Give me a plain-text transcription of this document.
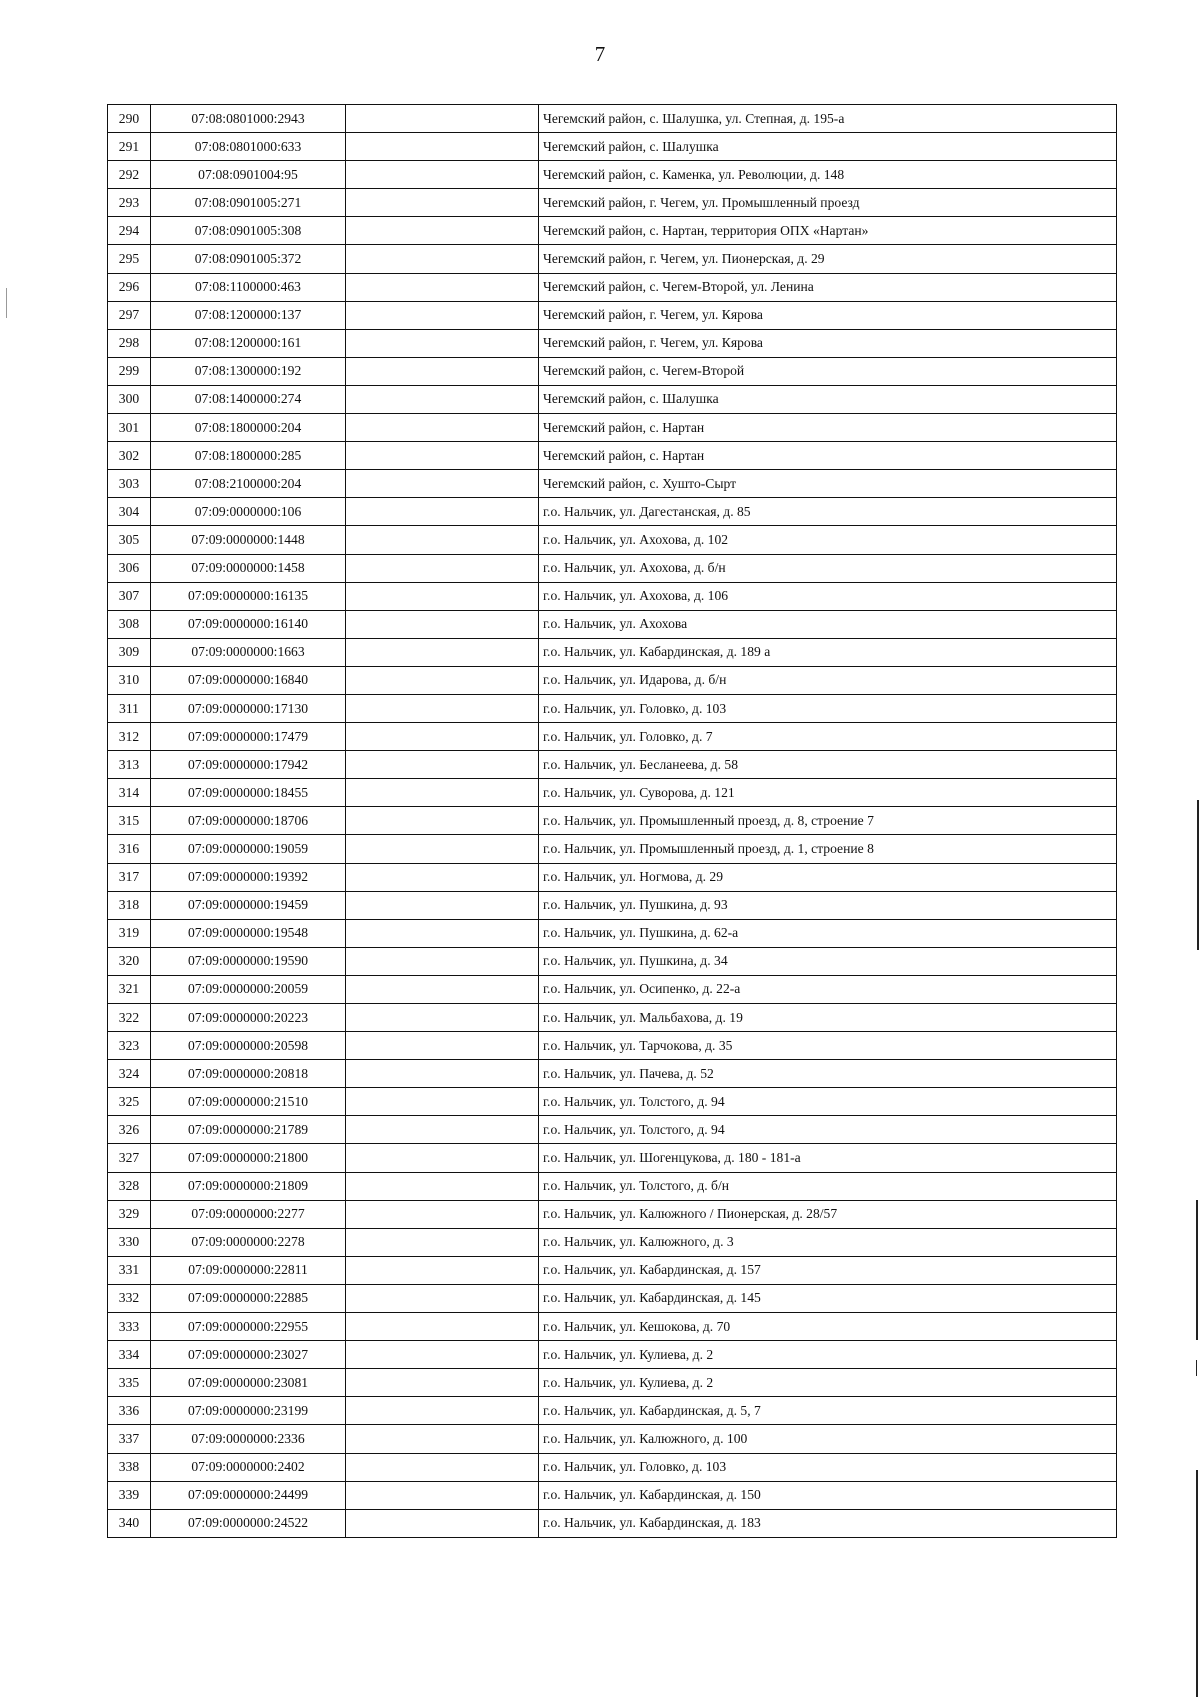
7
290	07:08:0801000:2943		Чегемский район, с. Шалушка, ул. Степная, д. 195-а
291	07:08:0801000:633		Чегемский район, с. Шалушка
292	07:08:0901004:95		Чегемский район, с. Каменка, ул. Революции, д. 148
293	07:08:0901005:271		Чегемский район, г. Чегем, ул. Промышленный проезд
294	07:08:0901005:308		Чегемский район, с. Нартан, территория ОПХ «Нартан»
295	07:08:0901005:372		Чегемский район, г. Чегем, ул. Пионерская, д. 29
296	07:08:1100000:463		Чегемский район, с. Чегем-Второй, ул. Ленина
297	07:08:1200000:137		Чегемский район, г. Чегем, ул. Кярова
298	07:08:1200000:161		Чегемский район, г. Чегем, ул. Кярова
299	07:08:1300000:192		Чегемский район, с. Чегем-Второй
300	07:08:1400000:274		Чегемский район, с. Шалушка
301	07:08:1800000:204		Чегемский район, с. Нартан
302	07:08:1800000:285		Чегемский район, с. Нартан
303	07:08:2100000:204		Чегемский район, с. Хушто-Сырт
304	07:09:0000000:106		г.о. Нальчик, ул. Дагестанская, д. 85
305	07:09:0000000:1448		г.о. Нальчик, ул. Ахохова, д. 102
306	07:09:0000000:1458		г.о. Нальчик, ул. Ахохова, д. б/н
307	07:09:0000000:16135		г.о. Нальчик, ул. Ахохова, д. 106
308	07:09:0000000:16140		г.о. Нальчик, ул. Ахохова
309	07:09:0000000:1663		г.о. Нальчик, ул. Кабардинская, д. 189 а
310	07:09:0000000:16840		г.о. Нальчик, ул. Идарова, д. б/н
311	07:09:0000000:17130		г.о. Нальчик, ул. Головко, д. 103
312	07:09:0000000:17479		г.о. Нальчик, ул. Головко, д. 7
313	07:09:0000000:17942		г.о. Нальчик, ул. Бесланеева, д. 58
314	07:09:0000000:18455		г.о. Нальчик, ул. Суворова, д. 121
315	07:09:0000000:18706		г.о. Нальчик, ул. Промышленный проезд, д. 8, строение 7
316	07:09:0000000:19059		г.о. Нальчик, ул. Промышленный проезд, д. 1, строение 8
317	07:09:0000000:19392		г.о. Нальчик, ул. Ногмова, д. 29
318	07:09:0000000:19459		г.о. Нальчик, ул. Пушкина, д. 93
319	07:09:0000000:19548		г.о. Нальчик, ул. Пушкина, д. 62-а
320	07:09:0000000:19590		г.о. Нальчик, ул. Пушкина, д. 34
321	07:09:0000000:20059		г.о. Нальчик, ул. Осипенко, д. 22-а
322	07:09:0000000:20223		г.о. Нальчик, ул. Мальбахова, д. 19
323	07:09:0000000:20598		г.о. Нальчик, ул. Тарчокова, д. 35
324	07:09:0000000:20818		г.о. Нальчик, ул. Пачева, д. 52
325	07:09:0000000:21510		г.о. Нальчик, ул. Толстого, д. 94
326	07:09:0000000:21789		г.о. Нальчик, ул. Толстого, д. 94
327	07:09:0000000:21800		г.о. Нальчик, ул. Шогенцукова, д. 180 - 181-а
328	07:09:0000000:21809		г.о. Нальчик, ул. Толстого, д. б/н
329	07:09:0000000:2277		г.о. Нальчик, ул. Калюжного / Пионерская, д. 28/57
330	07:09:0000000:2278		г.о. Нальчик, ул. Калюжного, д. 3
331	07:09:0000000:22811		г.о. Нальчик, ул. Кабардинская, д. 157
332	07:09:0000000:22885		г.о. Нальчик, ул. Кабардинская, д. 145
333	07:09:0000000:22955		г.о. Нальчик, ул. Кешокова, д. 70
334	07:09:0000000:23027		г.о. Нальчик, ул. Кулиева, д. 2
335	07:09:0000000:23081		г.о. Нальчик, ул. Кулиева, д. 2
336	07:09:0000000:23199		г.о. Нальчик, ул. Кабардинская, д. 5, 7
337	07:09:0000000:2336		г.о. Нальчик, ул. Калюжного, д. 100
338	07:09:0000000:2402		г.о. Нальчик, ул. Головко, д. 103
339	07:09:0000000:24499		г.о. Нальчик, ул. Кабардинская, д. 150
340	07:09:0000000:24522		г.о. Нальчик, ул. Кабардинская, д. 183
